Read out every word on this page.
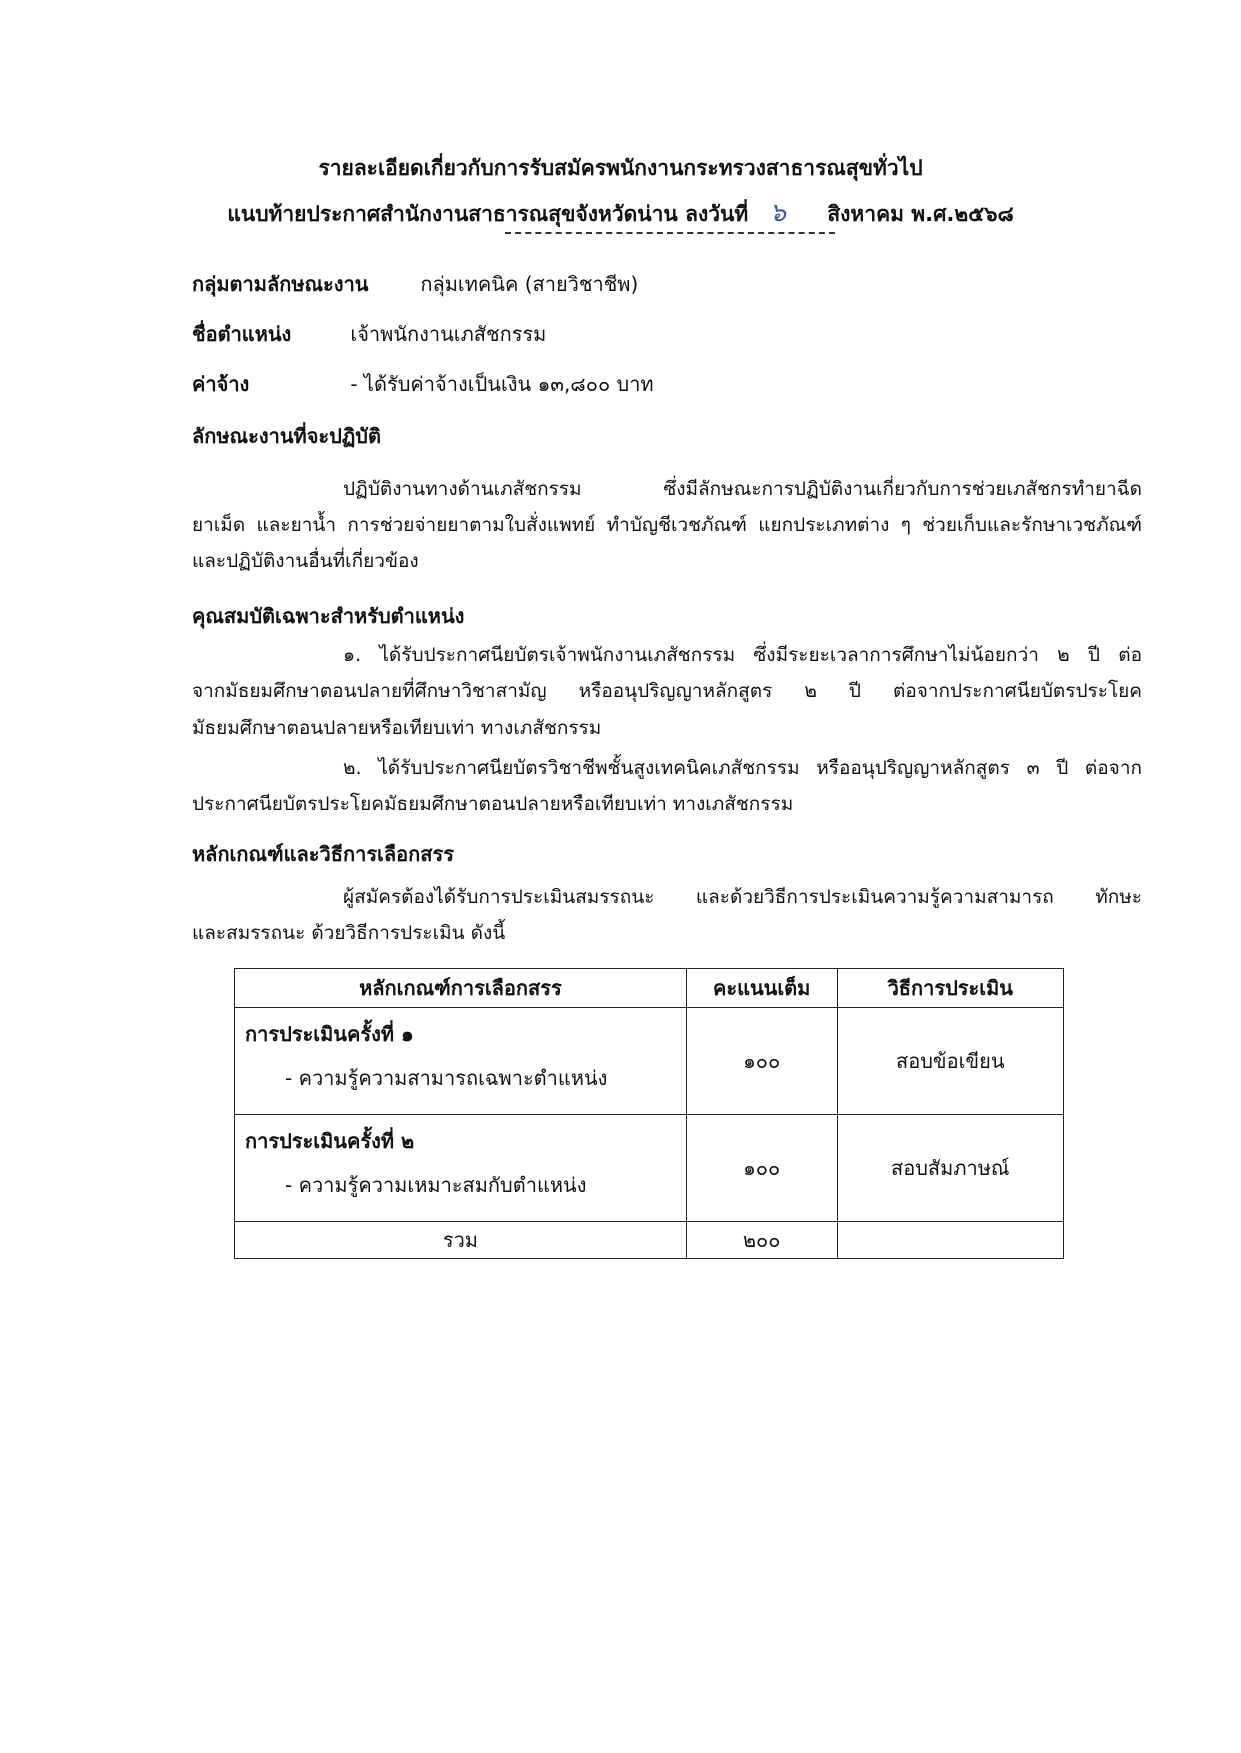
รายละเอียดเกี่ยวกับการรับสมัครพนักงานกระทรวงสาธารณสุขทั่วไป
แนบท้ายประกาศสำนักงานสาธารณสุขจังหวัดน่าน ลงวันที่ ๖ สิงหาคม พ.ศ.๒๕๖๘
กลุ่มตามลักษณะงาน	กลุ่มเทคนิค (สายวิชาชีพ)
ชื่อตำแหน่ง	เจ้าพนักงานเภสัชกรรม
ค่าจ้าง	- ได้รับค่าจ้างเป็นเงิน ๑๓,๘๐๐ บาท
ลักษณะงานที่จะปฏิบัติ
ปฏิบัติงานทางด้านเภสัชกรรม ซึ่งมีลักษณะการปฏิบัติงานเกี่ยวกับการช่วยเภสัชกรทำยาฉีด
ยาเม็ด และยาน้ำ การช่วยจ่ายยาตามใบสั่งแพทย์ ทำบัญชีเวชภัณฑ์ แยกประเภทต่าง ๆ ช่วยเก็บและรักษาเวชภัณฑ์
และปฏิบัติงานอื่นที่เกี่ยวข้อง
คุณสมบัติเฉพาะสำหรับตำแหน่ง
๑. ได้รับประกาศนียบัตรเจ้าพนักงานเภสัชกรรม ซึ่งมีระยะเวลาการศึกษาไม่น้อยกว่า ๒ ปี ต่อ
จากมัธยมศึกษาตอนปลายที่ศึกษาวิชาสามัญ หรืออนุปริญญาหลักสูตร ๒ ปี ต่อจากประกาศนียบัตรประโยค
มัธยมศึกษาตอนปลายหรือเทียบเท่า ทางเภสัชกรรม
๒. ได้รับประกาศนียบัตรวิชาชีพชั้นสูงเทคนิคเภสัชกรรม หรืออนุปริญญาหลักสูตร ๓ ปี ต่อจาก
ประกาศนียบัตรประโยคมัธยมศึกษาตอนปลายหรือเทียบเท่า ทางเภสัชกรรม
หลักเกณฑ์และวิธีการเลือกสรร
ผู้สมัครต้องได้รับการประเมินสมรรถนะ และด้วยวิธีการประเมินความรู้ความสามารถ ทักษะ
และสมรรถนะ ด้วยวิธีการประเมิน ดังนี้
หลักเกณฑ์การเลือกสรร	คะแนนเต็ม	วิธีการประเมิน

การประเมินครั้งที่ ๑
- ความรู้ความสามารถเฉพาะตำแหน่ง	๑๐๐	สอบข้อเขียน

การประเมินครั้งที่ ๒
- ความรู้ความเหมาะสมกับตำแหน่ง	๑๐๐	สอบสัมภาษณ์
รวม	๒๐๐	
